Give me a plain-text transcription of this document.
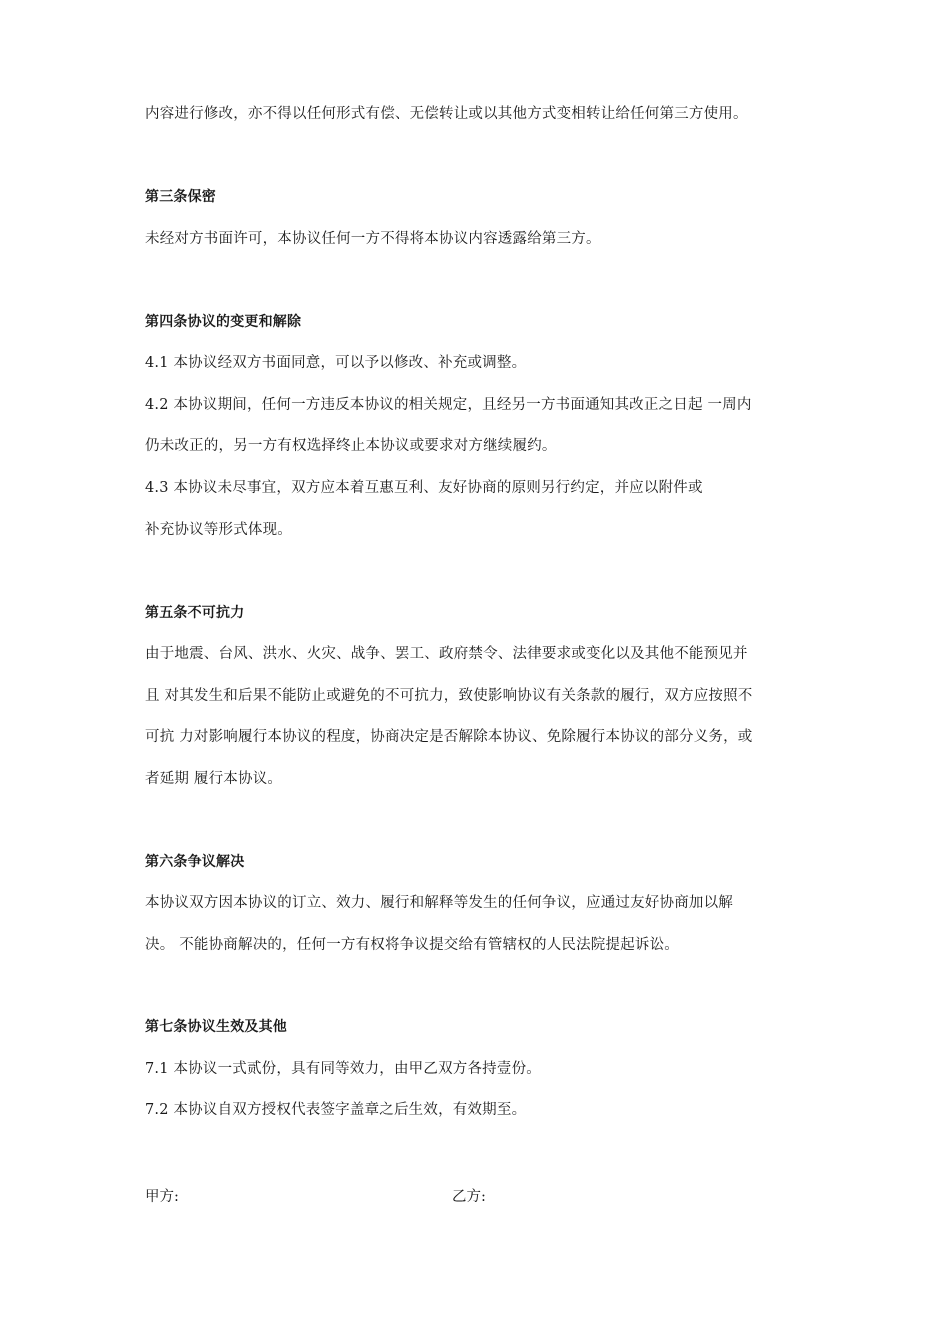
内容进行修改，亦不得以任何形式有偿、无偿转让或以其他方式变相转让给任何第三方使用。
第三条保密
未经对方书面许可，本协议任何一方不得将本协议内容透露给第三方。
第四条协议的变更和解除
4.1 本协议经双方书面同意，可以予以修改、补充或调整。
4.2 本协议期间，任何一方违反本协议的相关规定，且经另一方书面通知其改正之日起 一周内
仍未改正的，另一方有权选择终止本协议或要求对方继续履约。
4.3 本协议未尽事宜，双方应本着互惠互利、友好协商的原则另行约定，并应以附件或
补充协议等形式体现。
第五条不可抗力
由于地震、台风、洪水、火灾、战争、罢工、政府禁令、法律要求或变化以及其他不能预见并
且 对其发生和后果不能防止或避免的不可抗力，致使影响协议有关条款的履行，双方应按照不
可抗 力对影响履行本协议的程度，协商决定是否解除本协议、免除履行本协议的部分义务，或
者延期 履行本协议。
第六条争议解决
本协议双方因本协议的订立、效力、履行和解释等发生的任何争议，应通过友好协商加以解
决。 不能协商解决的，任何一方有权将争议提交给有管辖权的人民法院提起诉讼。
第七条协议生效及其他
7.1 本协议一式贰份，具有同等效力，由甲乙双方各持壹份。
7.2 本协议自双方授权代表签字盖章之后生效，有效期至。
甲方:	乙方:
